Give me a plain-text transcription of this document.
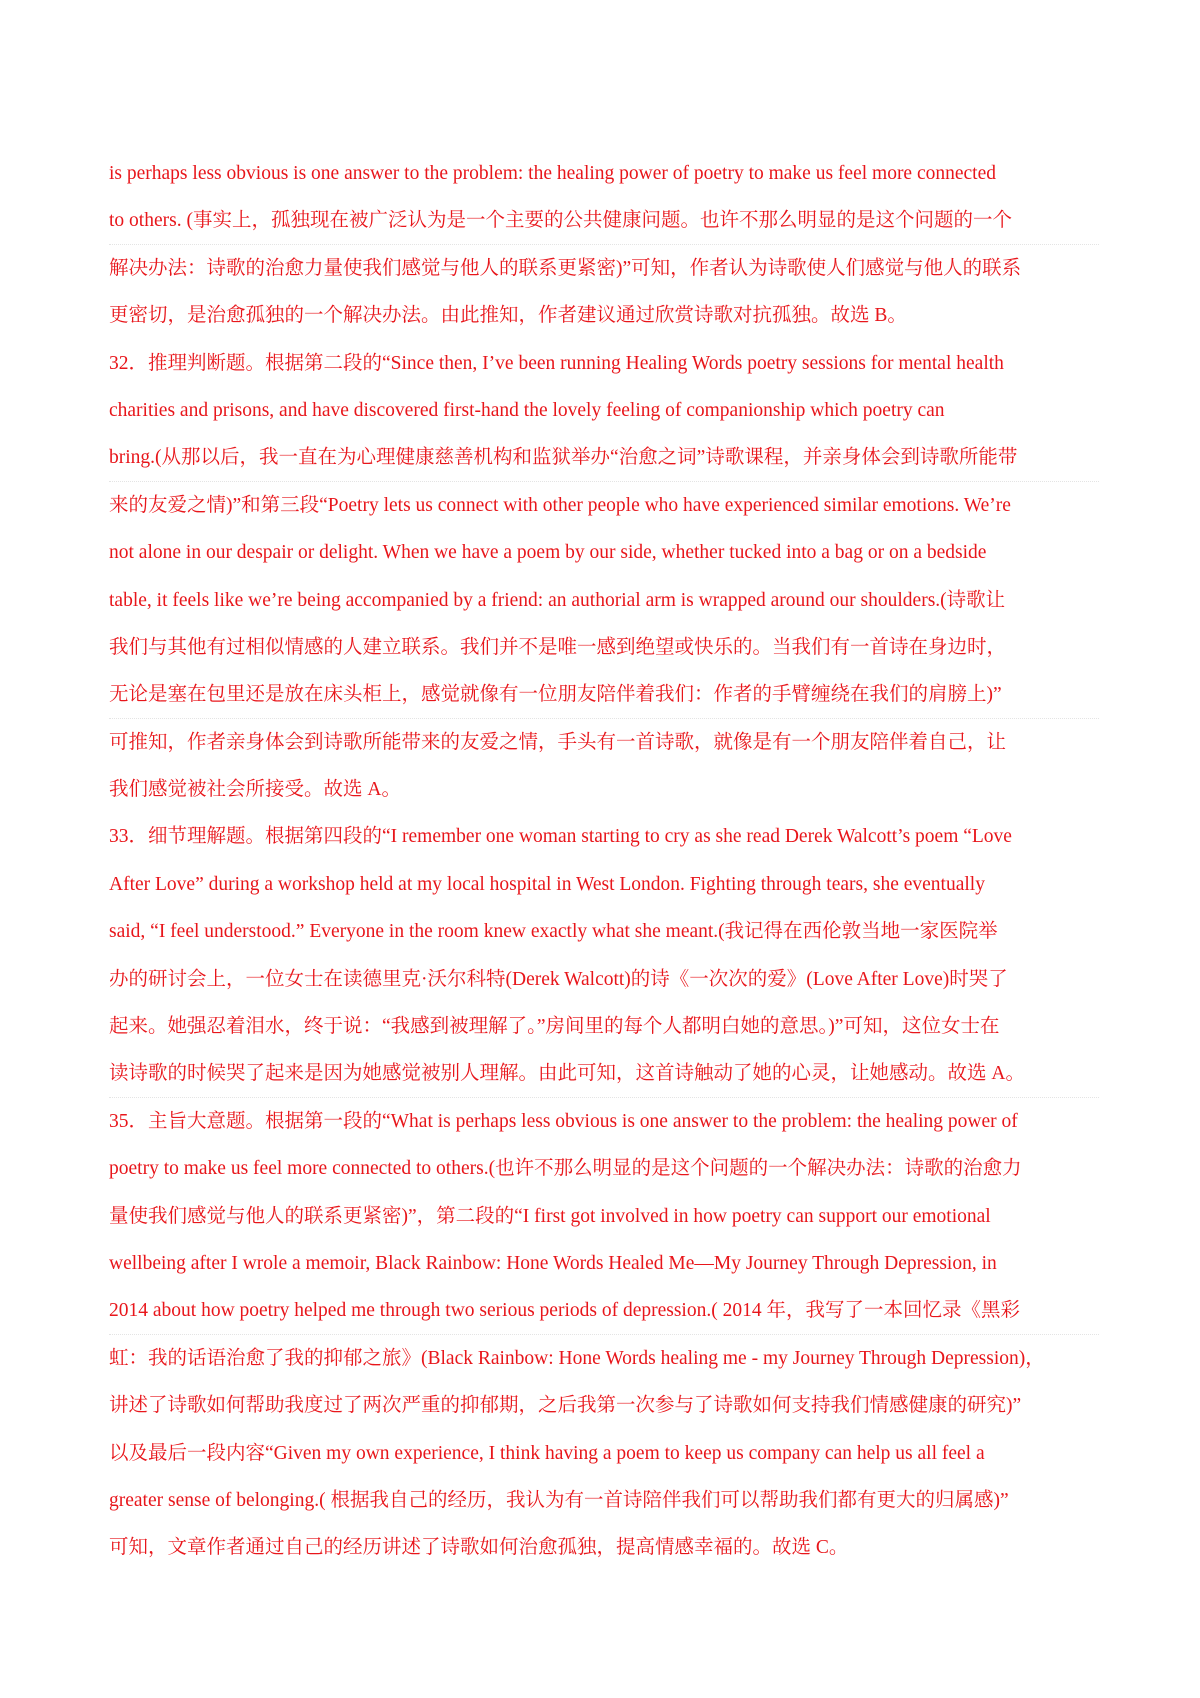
is perhaps less obvious is one answer to the problem: the healing power of poetry to make us feel more connected
to others. (事实上，孤独现在被广泛认为是一个主要的公共健康问题。也许不那么明显的是这个问题的一个
解决办法：诗歌的治愈力量使我们感觉与他人的联系更紧密)”可知，作者认为诗歌使人们感觉与他人的联系
更密切，是治愈孤独的一个解决办法。由此推知，作者建议通过欣赏诗歌对抗孤独。故选 B。
32．推理判断题。根据第二段的“Since then, I’ve been running Healing Words poetry sessions for mental health
charities and prisons, and have discovered first-hand the lovely feeling of companionship which poetry can
bring.(从那以后，我一直在为心理健康慈善机构和监狱举办“治愈之词”诗歌课程，并亲身体会到诗歌所能带
来的友爱之情)”和第三段“Poetry lets us connect with other people who have experienced similar emotions. We’re
not alone in our despair or delight. When we have a poem by our side, whether tucked into a bag or on a bedside
table, it feels like we’re being accompanied by a friend: an authorial arm is wrapped around our shoulders.(诗歌让
我们与其他有过相似情感的人建立联系。我们并不是唯一感到绝望或快乐的。当我们有一首诗在身边时，
无论是塞在包里还是放在床头柜上，感觉就像有一位朋友陪伴着我们：作者的手臂缠绕在我们的肩膀上)”
可推知，作者亲身体会到诗歌所能带来的友爱之情，手头有一首诗歌，就像是有一个朋友陪伴着自己，让
我们感觉被社会所接受。故选 A。
33．细节理解题。根据第四段的“I remember one woman starting to cry as she read Derek Walcott’s poem “Love
After Love” during a workshop held at my local hospital in West London. Fighting through tears, she eventually
said, “I feel understood.” Everyone in the room knew exactly what she meant.(我记得在西伦敦当地一家医院举
办的研讨会上，一位女士在读德里克·沃尔科特(Derek Walcott)的诗《一次次的爱》(Love After Love)时哭了
起来。她强忍着泪水，终于说：“我感到被理解了。”房间里的每个人都明白她的意思。)”可知，这位女士在
读诗歌的时候哭了起来是因为她感觉被别人理解。由此可知，这首诗触动了她的心灵，让她感动。故选 A。
35．主旨大意题。根据第一段的“What is perhaps less obvious is one answer to the problem: the healing power of
poetry to make us feel more connected to others.(也许不那么明显的是这个问题的一个解决办法：诗歌的治愈力
量使我们感觉与他人的联系更紧密)”，第二段的“I first got involved in how poetry can support our emotional
wellbeing after I wrole a memoir, Black Rainbow: Hone Words Healed Me—My Journey Through Depression, in
2014 about how poetry helped me through two serious periods of depression.( 2014 年，我写了一本回忆录《黑彩
虹：我的话语治愈了我的抑郁之旅》(Black Rainbow: Hone Words healing me - my Journey Through Depression)，
讲述了诗歌如何帮助我度过了两次严重的抑郁期，之后我第一次参与了诗歌如何支持我们情感健康的研究)”
以及最后一段内容“Given my own experience, I think having a poem to keep us company can help us all feel a
greater sense of belonging.( 根据我自己的经历，我认为有一首诗陪伴我们可以帮助我们都有更大的归属感)”
可知，文章作者通过自己的经历讲述了诗歌如何治愈孤独，提高情感幸福的。故选 C。
